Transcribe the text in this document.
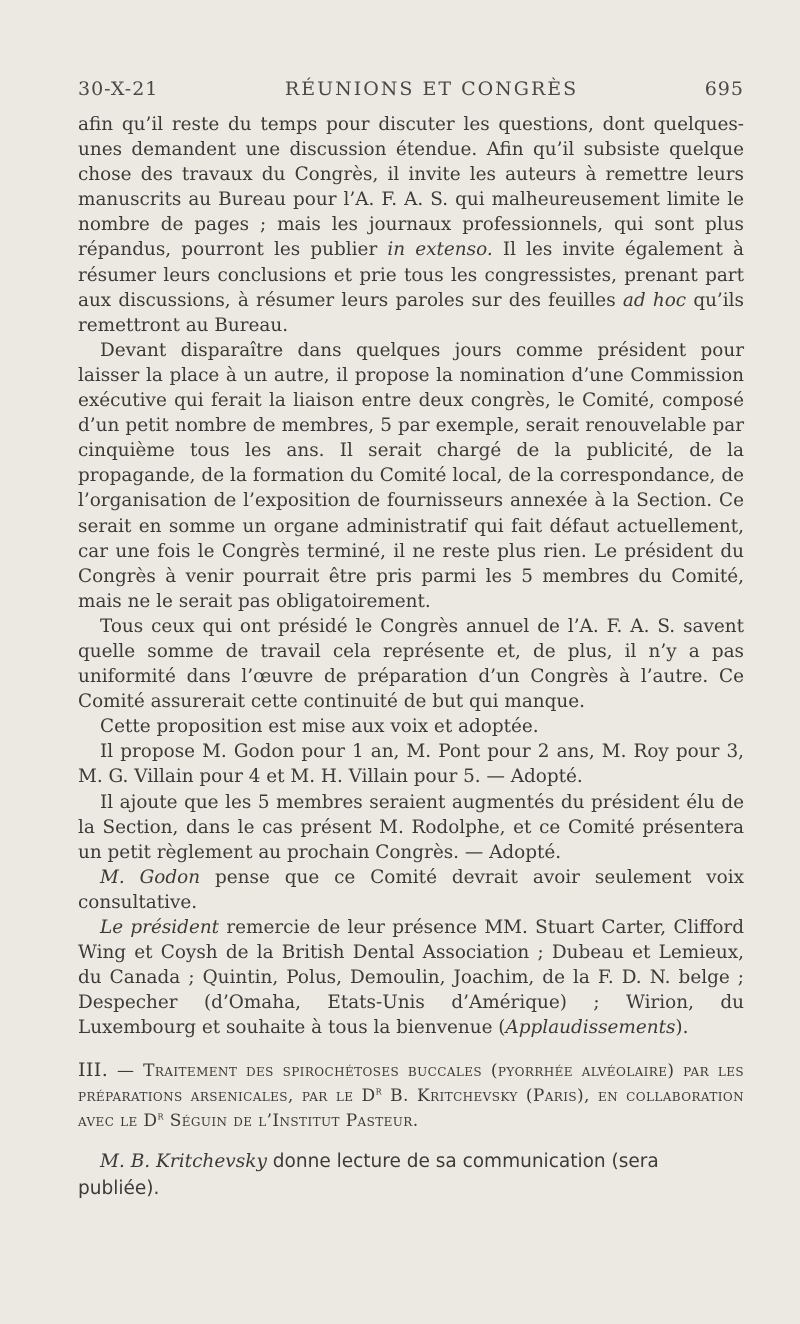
30-X-21	RÉUNIONS ET CONGRÈS	695

afin qu’il reste du temps pour discuter les questions, dont quelques-unes demandent une discussion étendue. Afin qu’il subsiste quelque chose des travaux du Congrès, il invite les auteurs à remettre leurs manuscrits au Bureau pour l’A. F. A. S. qui malheureusement limite le nombre de pages ; mais les journaux professionnels, qui sont plus répandus, pourront les publier in extenso. Il les invite également à résumer leurs conclusions et prie tous les congressistes, prenant part aux discussions, à résumer leurs paroles sur des feuilles ad hoc qu’ils remettront au Bureau.

Devant disparaître dans quelques jours comme président pour laisser la place à un autre, il propose la nomination d’une Commission exécutive qui ferait la liaison entre deux congrès, le Comité, composé d’un petit nombre de membres, 5 par exemple, serait renouvelable par cinquième tous les ans. Il serait chargé de la publicité, de la propagande, de la formation du Comité local, de la correspondance, de l’organisation de l’exposition de fournisseurs annexée à la Section. Ce serait en somme un organe administratif qui fait défaut actuellement, car une fois le Congrès terminé, il ne reste plus rien. Le président du Congrès à venir pourrait être pris parmi les 5 membres du Comité, mais ne le serait pas obligatoirement.

Tous ceux qui ont présidé le Congrès annuel de l’A. F. A. S. savent quelle somme de travail cela représente et, de plus, il n’y a pas uniformité dans l’œuvre de préparation d’un Congrès à l’autre. Ce Comité assurerait cette continuité de but qui manque.

Cette proposition est mise aux voix et adoptée.

Il propose M. Godon pour 1 an, M. Pont pour 2 ans, M. Roy pour 3, M. G. Villain pour 4 et M. H. Villain pour 5. — Adopté.

Il ajoute que les 5 membres seraient augmentés du président élu de la Section, dans le cas présent M. Rodolphe, et ce Comité présentera un petit règlement au prochain Congrès. — Adopté.

M. Godon pense que ce Comité devrait avoir seulement voix consultative.

Le président remercie de leur présence MM. Stuart Carter, Clifford Wing et Coysh de la British Dental Association ; Dubeau et Lemieux, du Canada ; Quintin, Polus, Demoulin, Joachim, de la F. D. N. belge ; Despecher (d’Omaha, Etats-Unis d’Amérique) ; Wirion, du Luxembourg et souhaite à tous la bienvenue (Applaudissements).

III. — Traitement des spirochétoses buccales (pyorrhée alvéolaire) par les préparations arsenicales, par le $D^r$ B. Kritchevsky (Paris), en collaboration avec le $D^r$ Séguin de l’Institut Pasteur.

M. B. Kritchevsky donne lecture de sa communication (sera publiée).
